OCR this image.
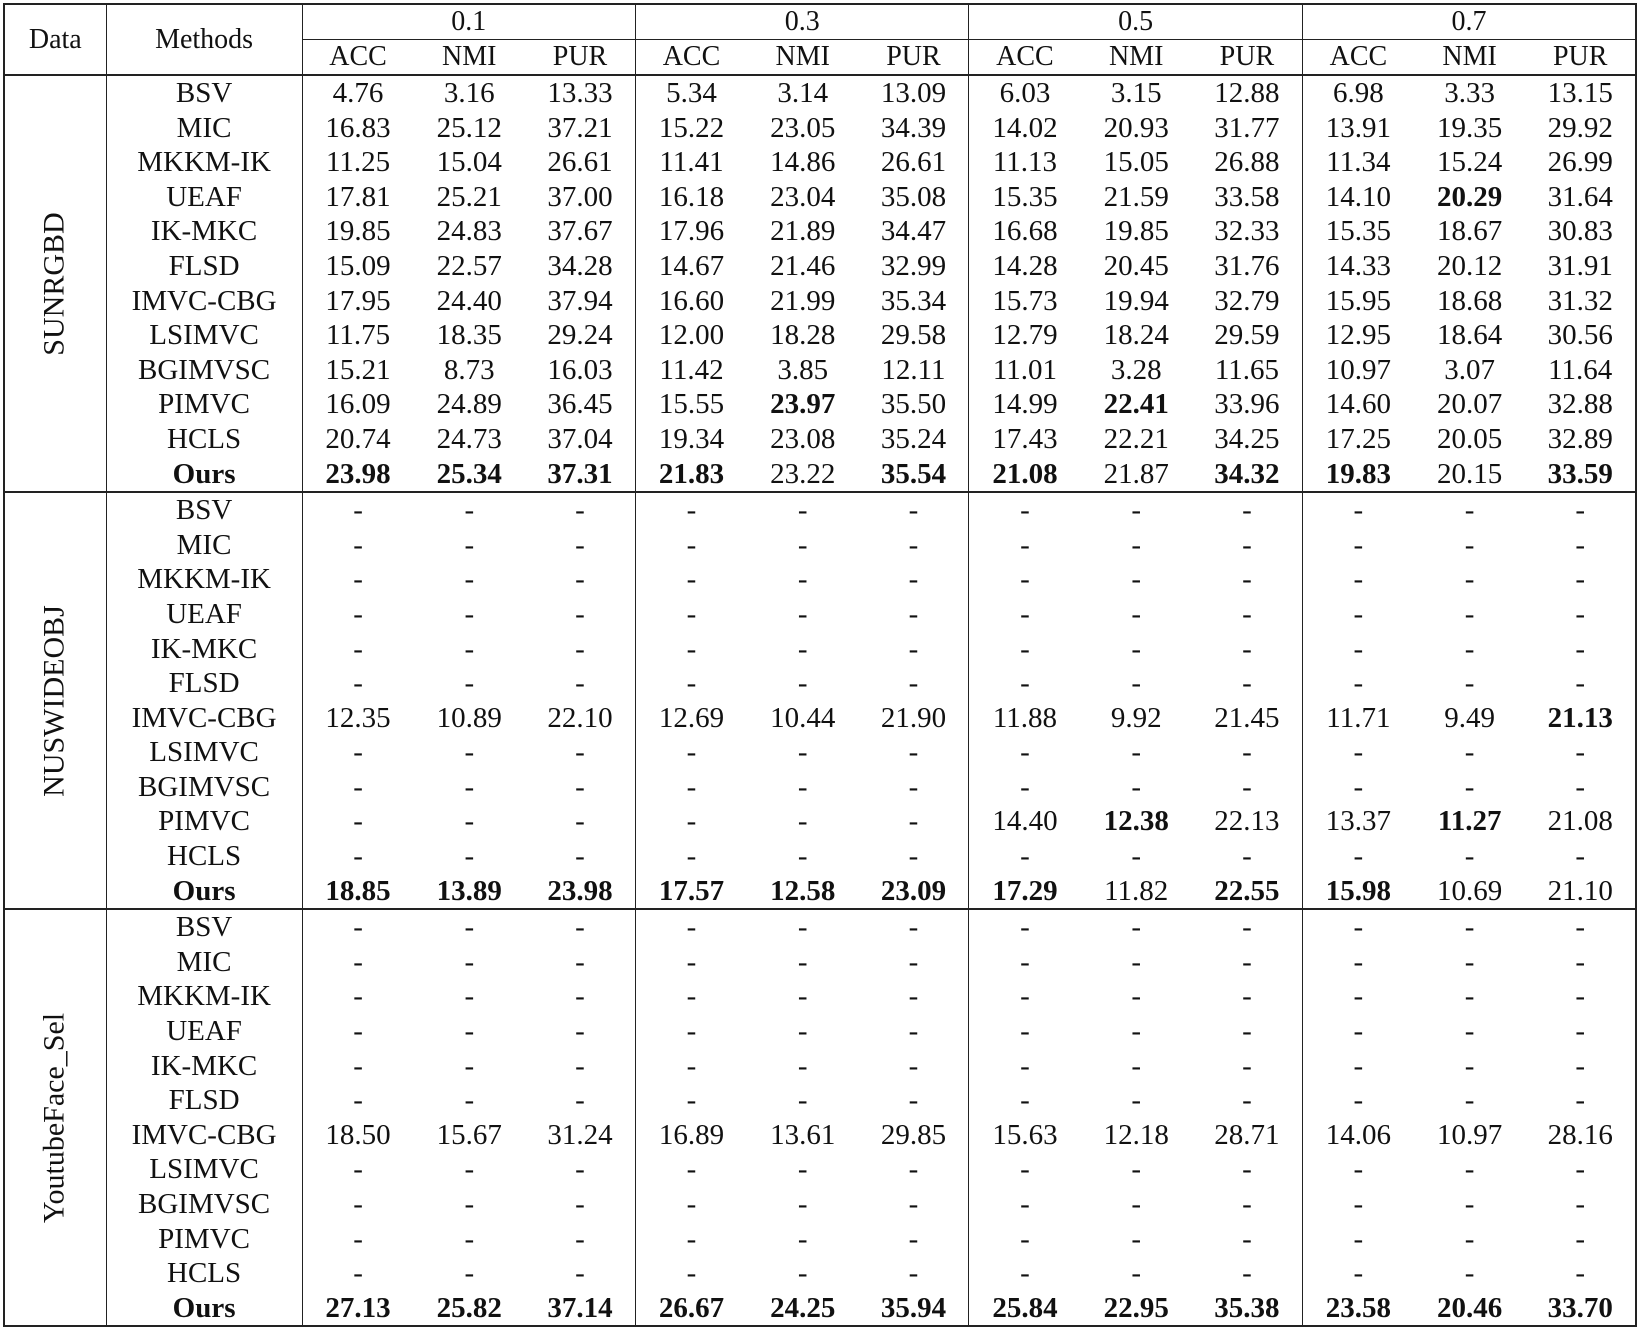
Data	Methods	0.1			0.3			0.5			0.7		
		ACC	NMI	PUR	ACC	NMI	PUR	ACC	NMI	PUR	ACC	NMI	PUR

SUNRGBD	BSV	4.76	3.16	13.33	5.34	3.14	13.09	6.03	3.15	12.88	6.98	3.33	13.15
	MIC	16.83	25.12	37.21	15.22	23.05	34.39	14.02	20.93	31.77	13.91	19.35	29.92
	MKKM-IK	11.25	15.04	26.61	11.41	14.86	26.61	11.13	15.05	26.88	11.34	15.24	26.99
	UEAF	17.81	25.21	37.00	16.18	23.04	35.08	15.35	21.59	33.58	14.10	20.29	31.64
	IK-MKC	19.85	24.83	37.67	17.96	21.89	34.47	16.68	19.85	32.33	15.35	18.67	30.83
	FLSD	15.09	22.57	34.28	14.67	21.46	32.99	14.28	20.45	31.76	14.33	20.12	31.91
	IMVC-CBG	17.95	24.40	37.94	16.60	21.99	35.34	15.73	19.94	32.79	15.95	18.68	31.32
	LSIMVC	11.75	18.35	29.24	12.00	18.28	29.58	12.79	18.24	29.59	12.95	18.64	30.56
	BGIMVSC	15.21	8.73	16.03	11.42	3.85	12.11	11.01	3.28	11.65	10.97	3.07	11.64
	PIMVC	16.09	24.89	36.45	15.55	23.97	35.50	14.99	22.41	33.96	14.60	20.07	32.88
	HCLS	20.74	24.73	37.04	19.34	23.08	35.24	17.43	22.21	34.25	17.25	20.05	32.89
	Ours	23.98	25.34	37.31	21.83	23.22	35.54	21.08	21.87	34.32	19.83	20.15	33.59

NUSWIDEOBJ	BSV	-	-	-	-	-	-	-	-	-	-	-	-
	MIC	-	-	-	-	-	-	-	-	-	-	-	-
	MKKM-IK	-	-	-	-	-	-	-	-	-	-	-	-
	UEAF	-	-	-	-	-	-	-	-	-	-	-	-
	IK-MKC	-	-	-	-	-	-	-	-	-	-	-	-
	FLSD	-	-	-	-	-	-	-	-	-	-	-	-
	IMVC-CBG	12.35	10.89	22.10	12.69	10.44	21.90	11.88	9.92	21.45	11.71	9.49	21.13
	LSIMVC	-	-	-	-	-	-	-	-	-	-	-	-
	BGIMVSC	-	-	-	-	-	-	-	-	-	-	-	-
	PIMVC	-	-	-	-	-	-	14.40	12.38	22.13	13.37	11.27	21.08
	HCLS	-	-	-	-	-	-	-	-	-	-	-	-
	Ours	18.85	13.89	23.98	17.57	12.58	23.09	17.29	11.82	22.55	15.98	10.69	21.10

YoutubeFace_Sel	BSV	-	-	-	-	-	-	-	-	-	-	-	-
	MIC	-	-	-	-	-	-	-	-	-	-	-	-
	MKKM-IK	-	-	-	-	-	-	-	-	-	-	-	-
	UEAF	-	-	-	-	-	-	-	-	-	-	-	-
	IK-MKC	-	-	-	-	-	-	-	-	-	-	-	-
	FLSD	-	-	-	-	-	-	-	-	-	-	-	-
	IMVC-CBG	18.50	15.67	31.24	16.89	13.61	29.85	15.63	12.18	28.71	14.06	10.97	28.16
	LSIMVC	-	-	-	-	-	-	-	-	-	-	-	-
	BGIMVSC	-	-	-	-	-	-	-	-	-	-	-	-
	PIMVC	-	-	-	-	-	-	-	-	-	-	-	-
	HCLS	-	-	-	-	-	-	-	-	-	-	-	-
	Ours	27.13	25.82	37.14	26.67	24.25	35.94	25.84	22.95	35.38	23.58	20.46	33.70
